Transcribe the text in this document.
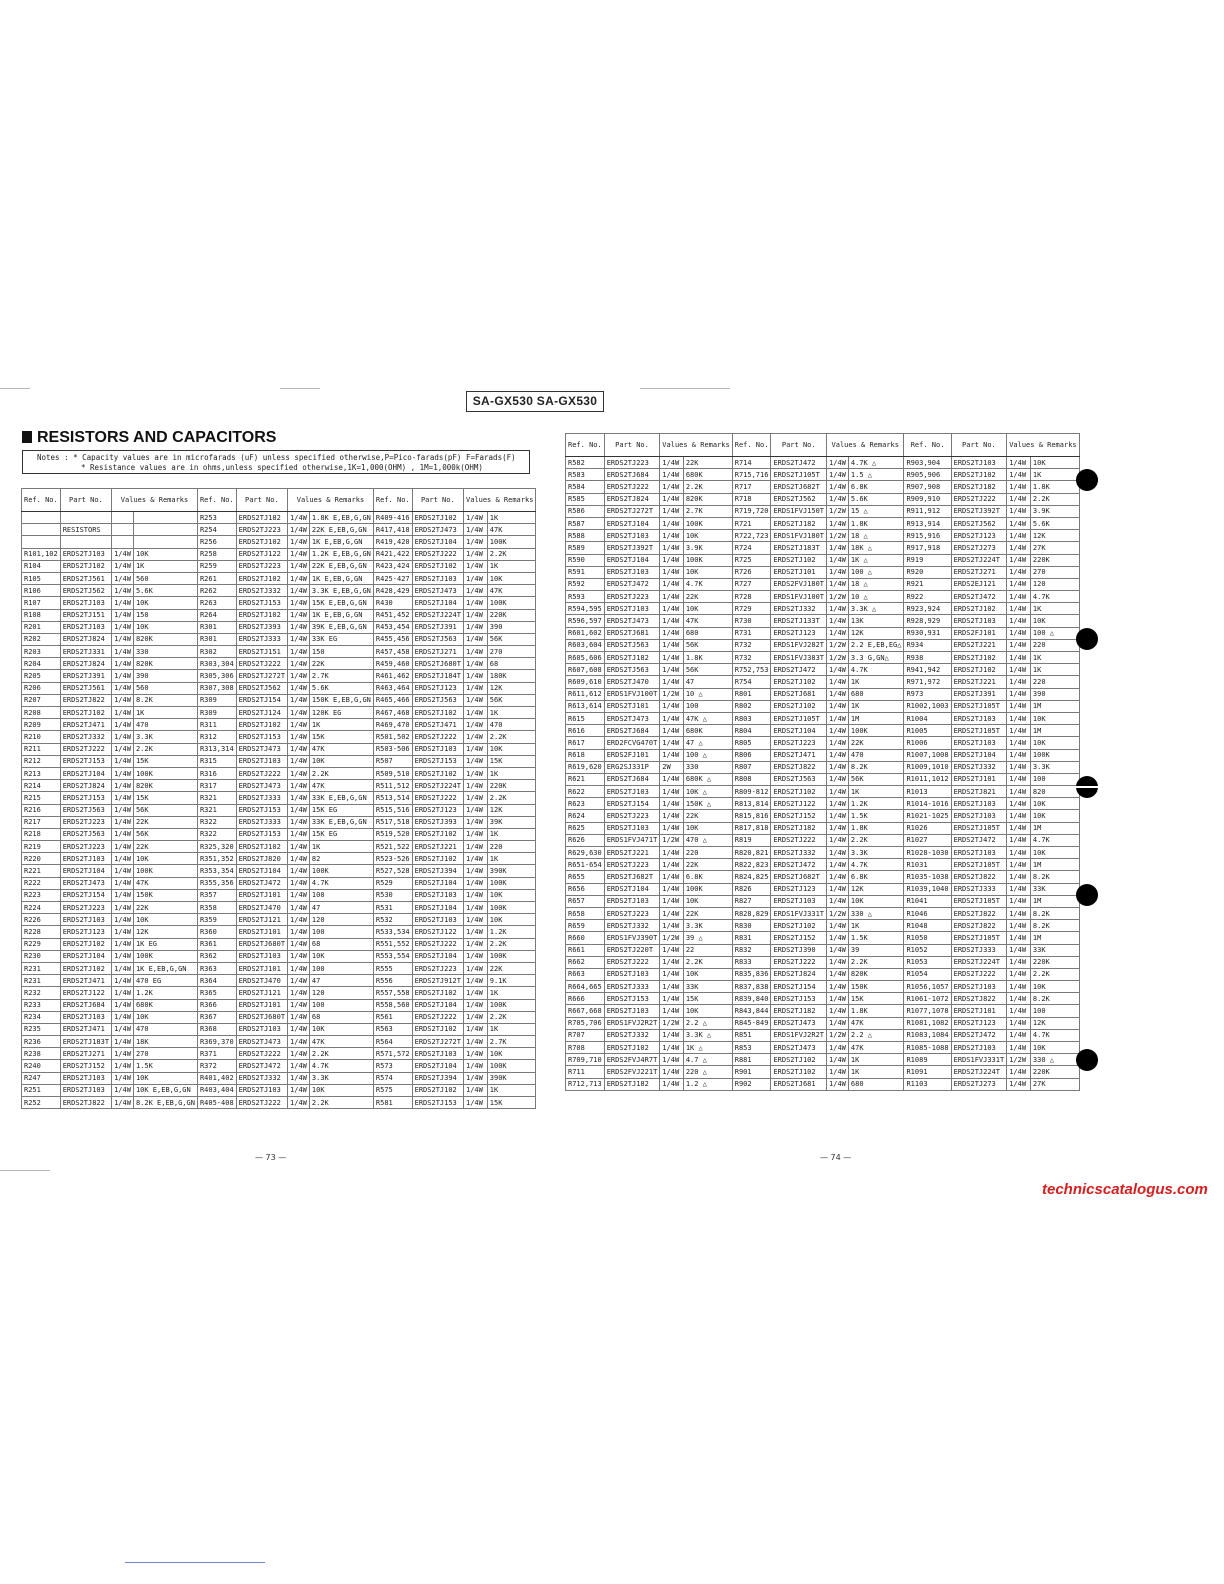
SA-GX530 SA-GX530
RESISTORS AND CAPACITORS
Notes : * Capacity values are in microfarads (uF) unless specified otherwise,P=Pico-farads(pF) F=Farads(F)
* Resistance values are in ohms,unless specified otherwise,1K=1,000(OHM) , 1M=1,000k(OHM)
Ref. No.	Part No.	Values & Remarks		Ref. No.	Part No.	Values & Remarks		Ref. No.	Part No.	Values & Remarks	
				R253	ERDS2TJ182	1/4W	1.8K E,EB,G,GN	R409-416	ERDS2TJ102	1/4W	1K
	RESISTORS			R254	ERDS2TJ223	1/4W	22K E,EB,G,GN	R417,418	ERDS2TJ473	1/4W	47K
				R256	ERDS2TJ102	1/4W	1K E,EB,G,GN	R419,420	ERDS2TJ104	1/4W	100K
R101,102	ERDS2TJ103	1/4W	10K	R258	ERDS2TJ122	1/4W	1.2K E,EB,G,GN	R421,422	ERDS2TJ222	1/4W	2.2K
R104	ERDS2TJ102	1/4W	1K	R259	ERDS2TJ223	1/4W	22K E,EB,G,GN	R423,424	ERDS2TJ102	1/4W	1K
R105	ERDS2TJ561	1/4W	560	R261	ERDS2TJ102	1/4W	1K E,EB,G,GN	R425-427	ERDS2TJ103	1/4W	10K
R106	ERDS2TJ562	1/4W	5.6K	R262	ERDS2TJ332	1/4W	3.3K E,EB,G,GN	R428,429	ERDS2TJ473	1/4W	47K
R107	ERDS2TJ103	1/4W	10K	R263	ERDS2TJ153	1/4W	15K E,EB,G,GN	R430	ERDS2TJ104	1/4W	100K
R108	ERDS2TJ151	1/4W	150	R264	ERDS2TJ102	1/4W	1K E,EB,G,GN	R451,452	ERDS2TJ224T	1/4W	220K
R201	ERDS2TJ103	1/4W	10K	R301	ERDS2TJ393	1/4W	39K E,EB,G,GN	R453,454	ERDS2TJ391	1/4W	390
R202	ERDS2TJ824	1/4W	820K	R301	ERDS2TJ333	1/4W	33K EG	R455,456	ERDS2TJ563	1/4W	56K
R203	ERDS2TJ331	1/4W	330	R302	ERDS2TJ151	1/4W	150	R457,458	ERDS2TJ271	1/4W	270
R204	ERDS2TJ824	1/4W	820K	R303,304	ERDS2TJ222	1/4W	22K	R459,460	ERDS2TJ680T	1/4W	68
R205	ERDS2TJ391	1/4W	390	R305,306	ERDS2TJ272T	1/4W	2.7K	R461,462	ERDS2TJ184T	1/4W	180K
R206	ERDS2TJ561	1/4W	560	R307,308	ERDS2TJ562	1/4W	5.6K	R463,464	ERDS2TJ123	1/4W	12K
R207	ERDS2TJ822	1/4W	8.2K	R309	ERDS2TJ154	1/4W	150K E,EB,G,GN	R465,466	ERDS2TJ563	1/4W	56K
R208	ERDS2TJ102	1/4W	1K	R309	ERDS2TJ124	1/4W	120K EG	R467,468	ERDS2TJ102	1/4W	1K
R209	ERDS2TJ471	1/4W	470	R311	ERDS2TJ102	1/4W	1K	R469,470	ERDS2TJ471	1/4W	470
R210	ERDS2TJ332	1/4W	3.3K	R312	ERDS2TJ153	1/4W	15K	R501,502	ERDS2TJ222	1/4W	2.2K
R211	ERDS2TJ222	1/4W	2.2K	R313,314	ERDS2TJ473	1/4W	47K	R503-506	ERDS2TJ103	1/4W	10K
R212	ERDS2TJ153	1/4W	15K	R315	ERDS2TJ103	1/4W	10K	R507	ERDS2TJ153	1/4W	15K
R213	ERDS2TJ104	1/4W	100K	R316	ERDS2TJ222	1/4W	2.2K	R509,510	ERDS2TJ102	1/4W	1K
R214	ERDS2TJ824	1/4W	820K	R317	ERDS2TJ473	1/4W	47K	R511,512	ERDS2TJ224T	1/4W	220K
R215	ERDS2TJ153	1/4W	15K	R321	ERDS2TJ333	1/4W	33K E,EB,G,GN	R513,514	ERDS2TJ222	1/4W	2.2K
R216	ERDS2TJ563	1/4W	56K	R321	ERDS2TJ153	1/4W	15K EG	R515,516	ERDS2TJ123	1/4W	12K
R217	ERDS2TJ223	1/4W	22K	R322	ERDS2TJ333	1/4W	33K E,EB,G,GN	R517,518	ERDS2TJ393	1/4W	39K
R218	ERDS2TJ563	1/4W	56K	R322	ERDS2TJ153	1/4W	15K EG	R519,520	ERDS2TJ102	1/4W	1K
R219	ERDS2TJ223	1/4W	22K	R325,320	ERDS2TJ102	1/4W	1K	R521,522	ERDS2TJ221	1/4W	220
R220	ERDS2TJ103	1/4W	10K	R351,352	ERDS2TJ820	1/4W	82	R523-526	ERDS2TJ102	1/4W	1K
R221	ERDS2TJ104	1/4W	100K	R353,354	ERDS2TJ104	1/4W	100K	R527,528	ERDS2TJ394	1/4W	390K
R222	ERDS2TJ473	1/4W	47K	R355,356	ERDS2TJ472	1/4W	4.7K	R529	ERDS2TJ104	1/4W	100K
R223	ERDS2TJ154	1/4W	150K	R357	ERDS2TJ101	1/4W	100	R530	ERDS2TJ103	1/4W	10K
R224	ERDS2TJ223	1/4W	22K	R358	ERDS2TJ470	1/4W	47	R531	ERDS2TJ104	1/4W	100K
R226	ERDS2TJ103	1/4W	10K	R359	ERDS2TJ121	1/4W	120	R532	ERDS2TJ103	1/4W	10K
R228	ERDS2TJ123	1/4W	12K	R360	ERDS2TJ101	1/4W	100	R533,534	ERDS2TJ122	1/4W	1.2K
R229	ERDS2TJ102	1/4W	1K EG	R361	ERDS2TJ680T	1/4W	68	R551,552	ERDS2TJ222	1/4W	2.2K
R230	ERDS2TJ104	1/4W	100K	R362	ERDS2TJ103	1/4W	10K	R553,554	ERDS2TJ104	1/4W	100K
R231	ERDS2TJ102	1/4W	1K E,EB,G,GN	R363	ERDS2TJ101	1/4W	100	R555	ERDS2TJ223	1/4W	22K
R231	ERDS2TJ471	1/4W	470 EG	R364	ERDS2TJ470	1/4W	47	R556	ERDS2TJ912T	1/4W	9.1K
R232	ERDS2TJ122	1/4W	1.2K	R365	ERDS2TJ121	1/4W	120	R557,558	ERDS2TJ102	1/4W	1K
R233	ERDS2TJ684	1/4W	680K	R366	ERDS2TJ101	1/4W	100	R558,560	ERDS2TJ104	1/4W	100K
R234	ERDS2TJ103	1/4W	10K	R367	ERDS2TJ680T	1/4W	68	R561	ERDS2TJ222	1/4W	2.2K
R235	ERDS2TJ471	1/4W	470	R368	ERDS2TJ103	1/4W	10K	R563	ERDS2TJ102	1/4W	1K
R236	ERDS2TJ183T	1/4W	18K	R369,370	ERDS2TJ473	1/4W	47K	R564	ERDS2TJ272T	1/4W	2.7K
R238	ERDS2TJ271	1/4W	270	R371	ERDS2TJ222	1/4W	2.2K	R571,572	ERDS2TJ103	1/4W	10K
R240	ERDS2TJ152	1/4W	1.5K	R372	ERDS2TJ472	1/4W	4.7K	R573	ERDS2TJ104	1/4W	100K
R247	ERDS2TJ103	1/4W	10K	R401,402	ERDS2TJ332	1/4W	3.3K	R574	ERDS2TJ394	1/4W	390K
R251	ERDS2TJ103	1/4W	10K E,EB,G,GN	R403,404	ERDS2TJ103	1/4W	10K	R575	ERDS2TJ102	1/4W	1K
R252	ERDS2TJ822	1/4W	8.2K E,EB,G,GN	R405-408	ERDS2TJ222	1/4W	2.2K	R581	ERDS2TJ153	1/4W	15K
Ref. No.	Part No.	Values & Remarks		Ref. No.	Part No.	Values & Remarks		Ref. No.	Part No.	Values & Remarks	
R582	ERDS2TJ223	1/4W	22K	R714	ERDS2TJ472	1/4W	4.7K △	R903,904	ERDS2TJ103	1/4W	10K
R583	ERDS2TJ684	1/4W	680K	R715,716	ERDS2TJ105T	1/4W	1.5 △	R905,906	ERDS2TJ102	1/4W	1K
R584	ERDS2TJ222	1/4W	2.2K	R717	ERDS2TJ682T	1/4W	6.8K	R907,908	ERDS2TJ182	1/4W	1.8K
R585	ERDS2TJ824	1/4W	820K	R718	ERDS2TJ562	1/4W	5.6K	R909,910	ERDS2TJ222	1/4W	2.2K
R586	ERDS2TJ272T	1/4W	2.7K	R719,720	ERDS1FVJ150T	1/2W	15 △	R911,912	ERDS2TJ392T	1/4W	3.9K
R587	ERDS2TJ104	1/4W	100K	R721	ERDS2TJ182	1/4W	1.8K	R913,914	ERDS2TJ562	1/4W	5.6K
R588	ERDS2TJ103	1/4W	10K	R722,723	ERDS1FVJ180T	1/2W	18 △	R915,916	ERDS2TJ123	1/4W	12K
R589	ERDS2TJ392T	1/4W	3.9K	R724	ERDS2TJ183T	1/4W	18K △	R917,918	ERDS2TJ273	1/4W	27K
R590	ERDS2TJ104	1/4W	100K	R725	ERDS2TJ102	1/4W	1K △	R919	ERDS2TJ224T	1/4W	220K
R591	ERDS2TJ103	1/4W	10K	R726	ERDS2TJ101	1/4W	100 △	R920	ERDS2TJ271	1/4W	270
R592	ERDS2TJ472	1/4W	4.7K	R727	ERDS2FVJ180T	1/4W	18 △	R921	ERDS2EJ121	1/4W	120
R593	ERDS2TJ223	1/4W	22K	R728	ERDS1FVJ100T	1/2W	10 △	R922	ERDS2TJ472	1/4W	4.7K
R594,595	ERDS2TJ103	1/4W	10K	R729	ERDS2TJ332	1/4W	3.3K △	R923,924	ERDS2TJ102	1/4W	1K
R596,597	ERDS2TJ473	1/4W	47K	R730	ERDS2TJ133T	1/4W	13K	R928,929	ERDS2TJ103	1/4W	10K
R601,602	ERDS2TJ681	1/4W	680	R731	ERDS2TJ123	1/4W	12K	R930,931	ERDS2FJ101	1/4W	100 △
R603,604	ERDS2TJ563	1/4W	56K	R732	ERDS1FVJ282T	1/2W	2.2 E,EB,EG△	R934	ERDS2TJ221	1/4W	220
R605,606	ERDS2TJ182	1/4W	1.8K	R732	ERDS1FVJ383T	1/2W	3.3 G,GN△	R938	ERDS2TJ102	1/4W	1K
R607,608	ERDS2TJ563	1/4W	56K	R752,753	ERDS2TJ472	1/4W	4.7K	R941,942	ERDS2TJ102	1/4W	1K
R609,610	ERDS2TJ470	1/4W	47	R754	ERDS2TJ102	1/4W	1K	R971,972	ERDS2TJ221	1/4W	220
R611,612	ERDS1FVJ100T	1/2W	10 △	R801	ERDS2TJ681	1/4W	680	R973	ERDS2TJ391	1/4W	390
R613,614	ERDS2TJ101	1/4W	100	R802	ERDS2TJ102	1/4W	1K	R1002,1003	ERDS2TJ105T	1/4W	1M
R615	ERDS2TJ473	1/4W	47K △	R803	ERDS2TJ105T	1/4W	1M	R1004	ERDS2TJ103	1/4W	10K
R616	ERDS2TJ684	1/4W	680K	R804	ERDS2TJ104	1/4W	100K	R1005	ERDS2TJ105T	1/4W	1M
R617	ERD2FCVG470T	1/4W	47 △	R805	ERDS2TJ223	1/4W	22K	R1006	ERDS2TJ103	1/4W	10K
R618	ERDS2FJ101	1/4W	100 △	R806	ERDS2TJ471	1/4W	470	R1007,1008	ERDS2TJ104	1/4W	100K
R619,620	ERG2SJ331P	2W	330	R807	ERDS2TJ822	1/4W	8.2K	R1009,1010	ERDS2TJ332	1/4W	3.3K
R621	ERDS2TJ684	1/4W	680K △	R808	ERDS2TJ563	1/4W	56K	R1011,1012	ERDS2TJ101	1/4W	100
R622	ERDS2TJ103	1/4W	10K △	R809-812	ERDS2TJ102	1/4W	1K	R1013	ERDS2TJ821	1/4W	820
R623	ERDS2TJ154	1/4W	150K △	R813,814	ERDS2TJ122	1/4W	1.2K	R1014-1016	ERDS2TJ103	1/4W	10K
R624	ERDS2TJ223	1/4W	22K	R815,816	ERDS2TJ152	1/4W	1.5K	R1021-1025	ERDS2TJ103	1/4W	10K
R625	ERDS2TJ103	1/4W	10K	R817,818	ERDS2TJ182	1/4W	1.8K	R1026	ERDS2TJ105T	1/4W	1M
R626	ERDS1FVJ471T	1/2W	470 △	R819	ERDS2TJ222	1/4W	2.2K	R1027	ERDS2TJ472	1/4W	4.7K
R629,630	ERDS2TJ221	1/4W	220	R820,821	ERDS2TJ332	1/4W	3.3K	R1028-1030	ERDS2TJ103	1/4W	10K
R651-654	ERDS2TJ223	1/4W	22K	R822,823	ERDS2TJ472	1/4W	4.7K	R1031	ERDS2TJ105T	1/4W	1M
R655	ERDS2TJ682T	1/4W	6.8K	R824,825	ERDS2TJ682T	1/4W	6.8K	R1035-1038	ERDS2TJ822	1/4W	8.2K
R656	ERDS2TJ104	1/4W	100K	R826	ERDS2TJ123	1/4W	12K	R1039,1040	ERDS2TJ333	1/4W	33K
R657	ERDS2TJ103	1/4W	10K	R827	ERDS2TJ103	1/4W	10K	R1041	ERDS2TJ105T	1/4W	1M
R658	ERDS2TJ223	1/4W	22K	R828,829	ERDS1FVJ331T	1/2W	330 △	R1046	ERDS2TJ822	1/4W	8.2K
R659	ERDS2TJ332	1/4W	3.3K	R830	ERDS2TJ102	1/4W	1K	R1048	ERDS2TJ822	1/4W	8.2K
R660	ERDS1FVJ390T	1/2W	39 △	R831	ERDS2TJ152	1/4W	1.5K	R1050	ERDS2TJ105T	1/4W	1M
R661	ERDS2TJ220T	1/4W	22	R832	ERDS2TJ390	1/4W	39	R1052	ERDS2TJ333	1/4W	33K
R662	ERDS2TJ222	1/4W	2.2K	R833	ERDS2TJ222	1/4W	2.2K	R1053	ERDS2TJ224T	1/4W	220K
R663	ERDS2TJ103	1/4W	10K	R835,836	ERDS2TJ824	1/4W	820K	R1054	ERDS2TJ222	1/4W	2.2K
R664,665	ERDS2TJ333	1/4W	33K	R837,838	ERDS2TJ154	1/4W	150K	R1056,1057	ERDS2TJ103	1/4W	10K
R666	ERDS2TJ153	1/4W	15K	R839,840	ERDS2TJ153	1/4W	15K	R1061-1072	ERDS2TJ822	1/4W	8.2K
R667,668	ERDS2TJ103	1/4W	10K	R843,844	ERDS2TJ182	1/4W	1.8K	R1077,1078	ERDS2TJ101	1/4W	100
R705,706	ERDS1FVJ2R2T	1/2W	2.2 △	R845-849	ERDS2TJ473	1/4W	47K	R1081,1082	ERDS2TJ123	1/4W	12K
R707	ERDS2TJ332	1/4W	3.3K △	R851	ERDS1FVJ2R2T	1/2W	2.2 △	R1083,1084	ERDS2TJ472	1/4W	4.7K
R708	ERDS2TJ102	1/4W	1K △	R853	ERDS2TJ473	1/4W	47K	R1085-1088	ERDS2TJ103	1/4W	10K
R709,710	ERDS2FVJ4R7T	1/4W	4.7 △	R881	ERDS2TJ102	1/4W	1K	R1089	ERDS1FVJ331T	1/2W	330 △
R711	ERDS2FVJ221T	1/4W	220 △	R901	ERDS2TJ102	1/4W	1K	R1091	ERDS2TJ224T	1/4W	220K
R712,713	ERDS2TJ182	1/4W	1.2 △	R902	ERDS2TJ681	1/4W	680	R1103	ERDS2TJ273	1/4W	27K
— 73 —	— 74 —
technicscatalogus.com
